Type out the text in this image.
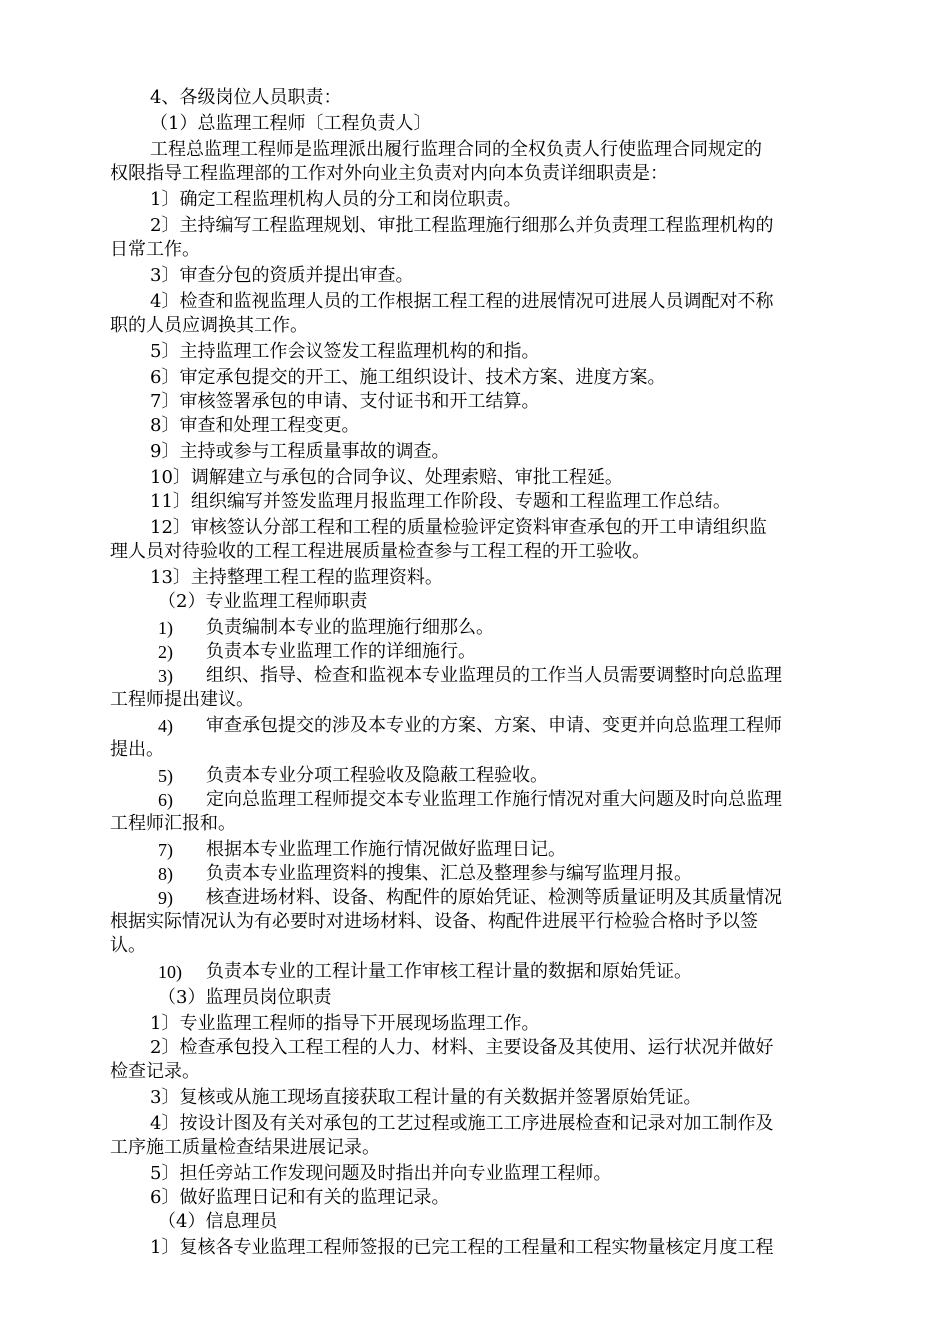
4、各级岗位人员职责：
（1）总监理工程师〔工程负责人〕
工程总监理工程师是监理派出履行监理合同的全权负责人行使监理合同规定的
权限指导工程监理部的工作对外向业主负责对内向本负责详细职责是：
1〕确定工程监理机构人员的分工和岗位职责。
2〕主持编写工程监理规划、审批工程监理施行细那么并负责理工程监理机构的
日常工作。
3〕审查分包的资质并提出审查。
4〕检查和监视监理人员的工作根据工程工程的进展情况可进展人员调配对不称
职的人员应调换其工作。
5〕主持监理工作会议签发工程监理机构的和指。
6〕审定承包提交的开工、施工组织设计、技术方案、进度方案。
7〕审核签署承包的申请、支付证书和开工结算。
8〕审查和处理工程变更。
9〕主持或参与工程质量事故的调查。
10〕调解建立与承包的合同争议、处理索赔、审批工程延。
11〕组织编写并签发监理月报监理工作阶段、专题和工程监理工作总结。
12〕审核签认分部工程和工程的质量检验评定资料审查承包的开工申请组织监
理人员对待验收的工程工程进展质量检查参与工程工程的开工验收。
13〕主持整理工程工程的监理资料。
（2）专业监理工程师职责
1) 负责编制本专业的监理施行细那么。
2) 负责本专业监理工作的详细施行。
3) 组织、指导、检查和监视本专业监理员的工作当人员需要调整时向总监理
工程师提出建议。
4) 审查承包提交的涉及本专业的方案、方案、申请、变更并向总监理工程师
提出。
5) 负责本专业分项工程验收及隐蔽工程验收。
6) 定向总监理工程师提交本专业监理工作施行情况对重大问题及时向总监理
工程师汇报和。
7) 根据本专业监理工作施行情况做好监理日记。
8) 负责本专业监理资料的搜集、汇总及整理参与编写监理月报。
9) 核查进场材料、设备、构配件的原始凭证、检测等质量证明及其质量情况
根据实际情况认为有必要时对进场材料、设备、构配件进展平行检验合格时予以签
认。
10) 负责本专业的工程计量工作审核工程计量的数据和原始凭证。
（3）监理员岗位职责
1〕专业监理工程师的指导下开展现场监理工作。
2〕检查承包投入工程工程的人力、材料、主要设备及其使用、运行状况并做好
检查记录。
3〕复核或从施工现场直接获取工程计量的有关数据并签署原始凭证。
4〕按设计图及有关对承包的工艺过程或施工工序进展检查和记录对加工制作及
工序施工质量检查结果进展记录。
5〕担任旁站工作发现问题及时指出并向专业监理工程师。
6〕做好监理日记和有关的监理记录。
（4）信息理员
1〕复核各专业监理工程师签报的已完工程的工程量和工程实物量核定月度工程
